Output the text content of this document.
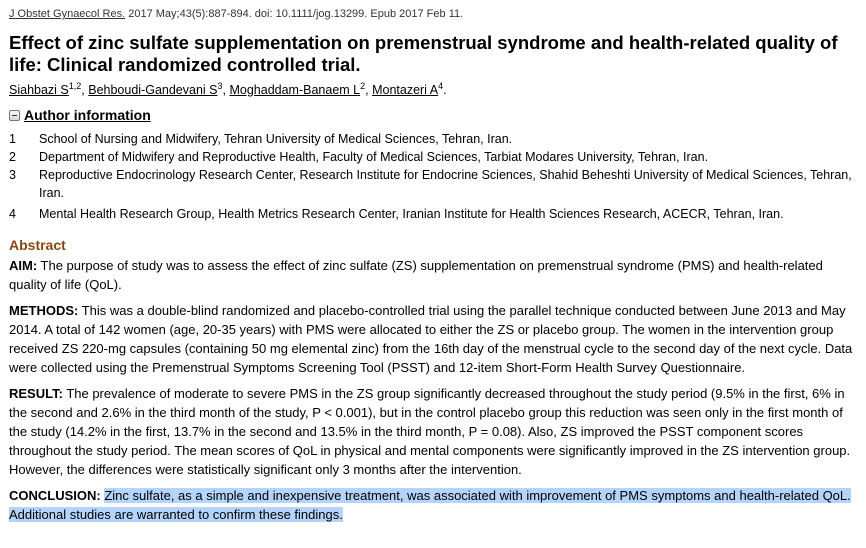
J Obstet Gynaecol Res. 2017 May;43(5):887-894. doi: 10.1111/jog.13299. Epub 2017 Feb 11.
Effect of zinc sulfate supplementation on premenstrual syndrome and health-related quality of life: Clinical randomized controlled trial.
Siahbazi S$^{1,2}$, Behboudi-Gandevani $S^3$, Moghaddam-Banaem $L^2$, Montazeri $A^4$.
Author information
1	School of Nursing and Midwifery, Tehran University of Medical Sciences, Tehran, Iran.
2	Department of Midwifery and Reproductive Health, Faculty of Medical Sciences, Tarbiat Modares University, Tehran, Iran.
3	Reproductive Endocrinology Research Center, Research Institute for Endocrine Sciences, Shahid Beheshti University of Medical Sciences, Tehran, Iran.
4	Mental Health Research Group, Health Metrics Research Center, Iranian Institute for Health Sciences Research, ACECR, Tehran, Iran.
Abstract

AIM: The purpose of study was to assess the effect of zinc sulfate (ZS) supplementation on premenstrual syndrome (PMS) and health-related quality of life (QoL).

METHODS: This was a double-blind randomized and placebo-controlled trial using the parallel technique conducted between June 2013 and May 2014. A total of 142 women (age, 20-35 years) with PMS were allocated to either the ZS or placebo group. The women in the intervention group received ZS 220-mg capsules (containing 50 mg elemental zinc) from the 16th day of the menstrual cycle to the second day of the next cycle. Data were collected using the Premenstrual Symptoms Screening Tool (PSST) and 12-item Short-Form Health Survey Questionnaire.

RESULT: The prevalence of moderate to severe PMS in the ZS group significantly decreased throughout the study period (9.5% in the first, 6% in the second and 2.6% in the third month of the study, P < 0.001), but in the control placebo group this reduction was seen only in the first month of the study (14.2% in the first, 13.7% in the second and 13.5% in the third month, P = 0.08). Also, ZS improved the PSST component scores throughout the study period. The mean scores of QoL in physical and mental components were significantly improved in the ZS intervention group. However, the differences were statistically significant only 3 months after the intervention.

CONCLUSION: Zinc sulfate, as a simple and inexpensive treatment, was associated with improvement of PMS symptoms and health-related QoL. Additional studies are warranted to confirm these findings.
